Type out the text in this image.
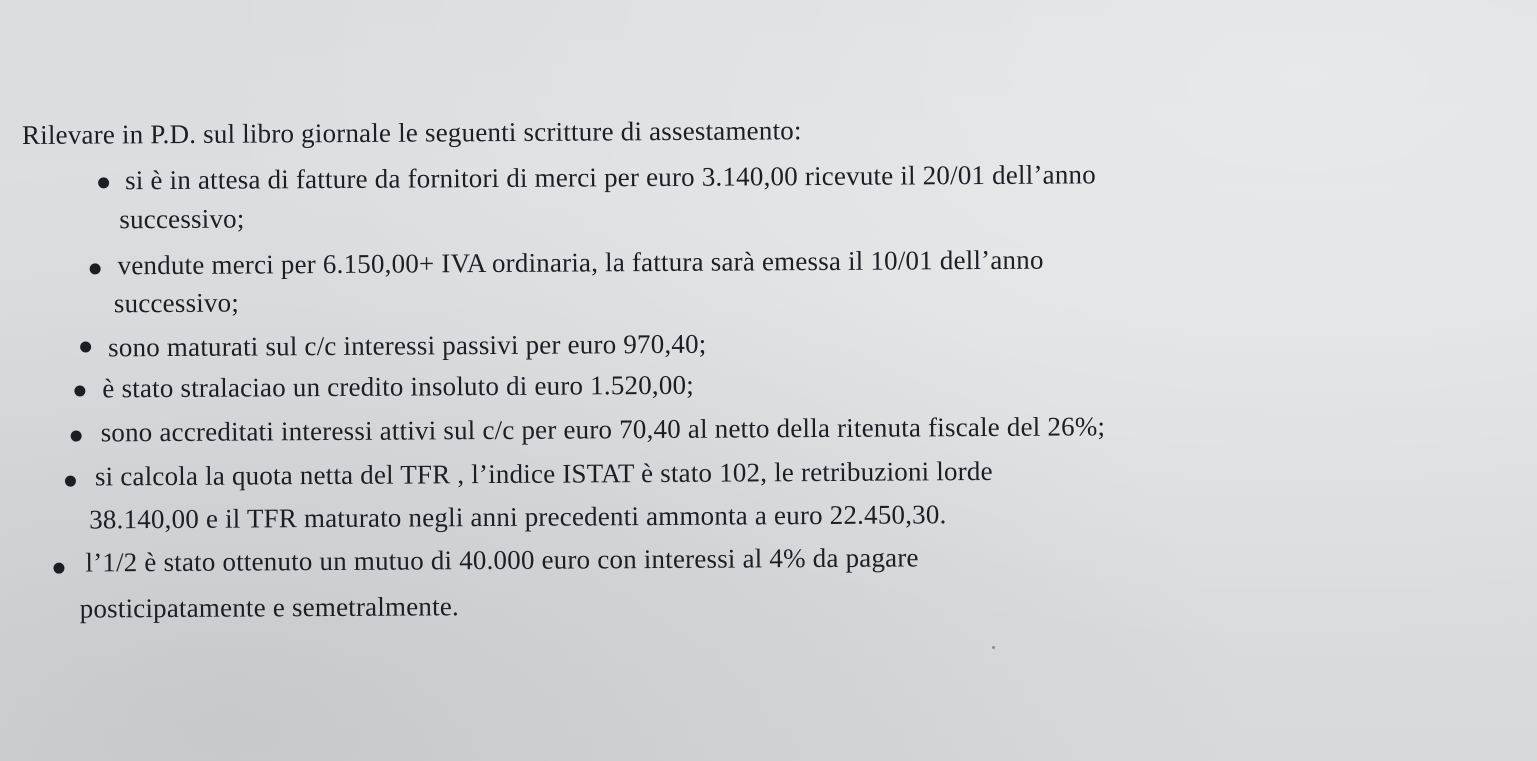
Rilevare in P.D. sul libro giornale le seguenti scritture di assestamento:

si è in attesa di fatture da fornitori di merci per euro 3.140,00 ricevute il 20/01 dell’anno
successivo;
vendute merci per 6.150,00+ IVA ordinaria, la fattura sarà emessa il 10/01 dell’anno
successivo;
sono maturati sul c/c interessi passivi per euro 970,40;
è stato stralaciao un credito insoluto di euro 1.520,00;
sono accreditati interessi attivi sul c/c per euro 70,40 al netto della ritenuta fiscale del 26%;
si calcola la quota netta del TFR , l’indice ISTAT è stato 102, le retribuzioni lorde
38.140,00 e il TFR maturato negli anni precedenti ammonta a euro 22.450,30.
l’1/2 è stato ottenuto un mutuo di 40.000 euro con interessi al 4% da pagare
posticipatamente e semetralmente.
